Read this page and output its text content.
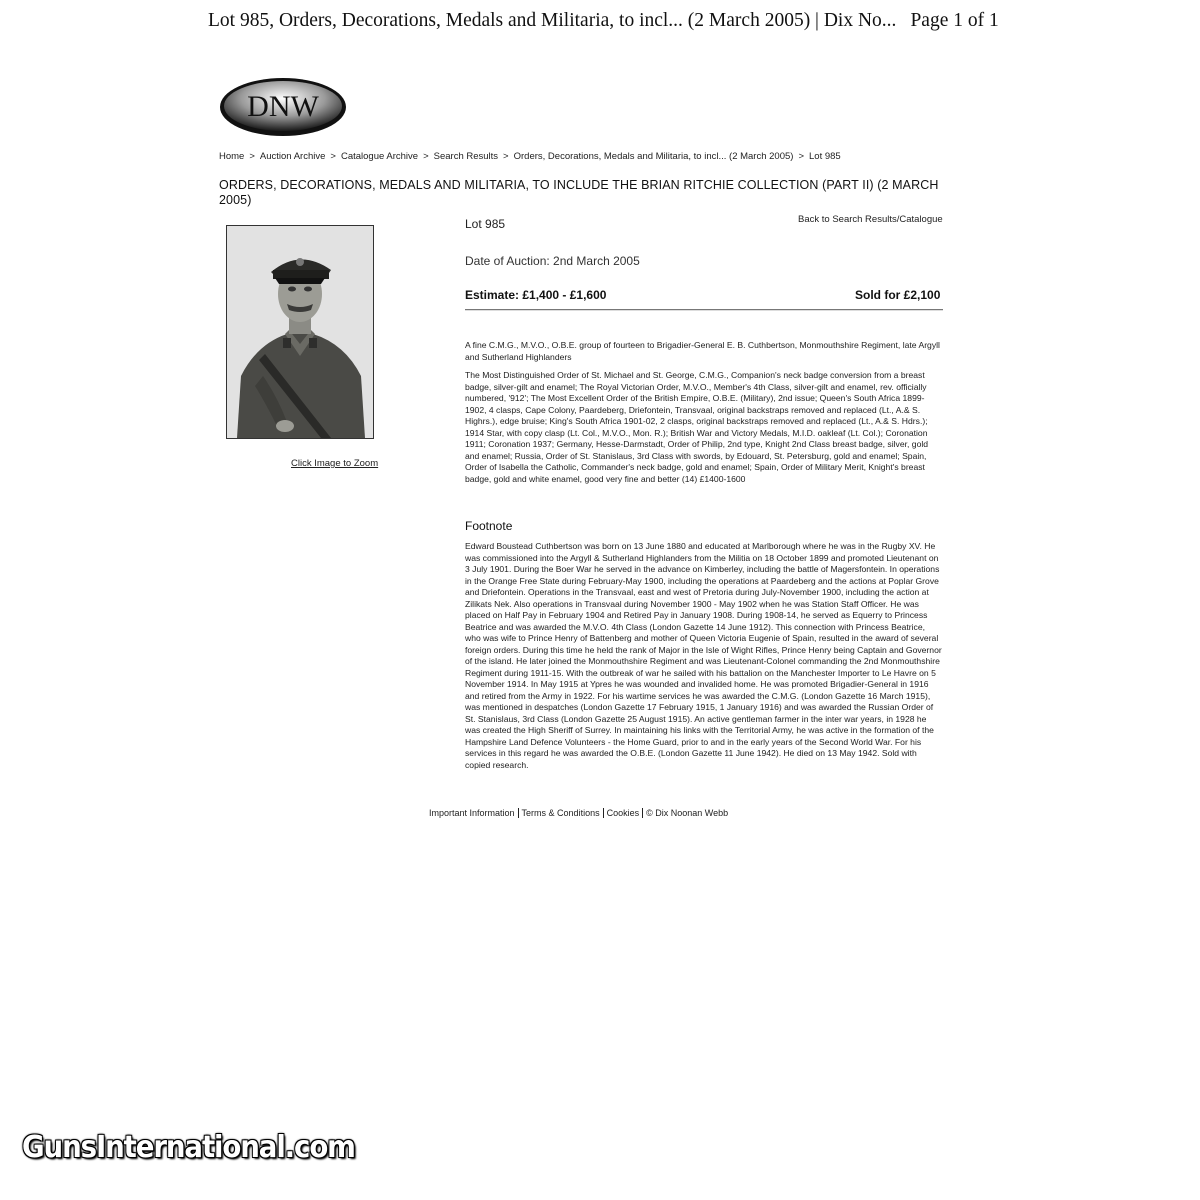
Lot 985, Orders, Decorations, Medals and Militaria, to incl... (2 March 2005) | Dix No... Page 1 of 1
DNW
Home > Auction Archive > Catalogue Archive > Search Results > Orders, Decorations, Medals and Militaria, to incl... (2 March 2005) > Lot 985
ORDERS, DECORATIONS, MEDALS AND MILITARIA, TO INCLUDE THE BRIAN RITCHIE COLLECTION (PART II) (2 MARCH 2005)
Click Image to Zoom
Lot 985	Back to Search Results/Catalogue
Date of Auction: 2nd March 2005
Estimate: £1,400 - £1,600	Sold for £2,100
A fine C.M.G., M.V.O., O.B.E. group of fourteen to Brigadier-General E. B. Cuthbertson, Monmouthshire Regiment, late Argyll and Sutherland Highlanders
The Most Distinguished Order of St. Michael and St. George, C.M.G., Companion's neck badge conversion from a breast badge, silver-gilt and enamel; The Royal Victorian Order, M.V.O., Member's 4th Class, silver-gilt and enamel, rev. officially numbered, '912'; The Most Excellent Order of the British Empire, O.B.E. (Military), 2nd issue; Queen's South Africa 1899-1902, 4 clasps, Cape Colony, Paardeberg, Driefontein, Transvaal, original backstraps removed and replaced (Lt., A.& S. Highrs.), edge bruise; King's South Africa 1901-02, 2 clasps, original backstraps removed and replaced (Lt., A.& S. Hdrs.); 1914 Star, with copy clasp (Lt. Col., M.V.O., Mon. R.); British War and Victory Medals, M.I.D. oakleaf (Lt. Col.); Coronation 1911; Coronation 1937; Germany, Hesse-Darmstadt, Order of Philip, 2nd type, Knight 2nd Class breast badge, silver, gold and enamel; Russia, Order of St. Stanislaus, 3rd Class with swords, by Edouard, St. Petersburg, gold and enamel; Spain, Order of Isabella the Catholic, Commander's neck badge, gold and enamel; Spain, Order of Military Merit, Knight's breast badge, gold and white enamel, good very fine and better (14) £1400-1600
Footnote
Edward Boustead Cuthbertson was born on 13 June 1880 and educated at Marlborough where he was in the Rugby XV. He was commissioned into the Argyll & Sutherland Highlanders from the Militia on 18 October 1899 and promoted Lieutenant on 3 July 1901. During the Boer War he served in the advance on Kimberley, including the battle of Magersfontein. In operations in the Orange Free State during February-May 1900, including the operations at Paardeberg and the actions at Poplar Grove and Driefontein. Operations in the Transvaal, east and west of Pretoria during July-November 1900, including the action at Zilikats Nek. Also operations in Transvaal during November 1900 - May 1902 when he was Station Staff Officer. He was placed on Half Pay in February 1904 and Retired Pay in January 1908. During 1908-14, he served as Equerry to Princess Beatrice and was awarded the M.V.O. 4th Class (London Gazette 14 June 1912). This connection with Princess Beatrice, who was wife to Prince Henry of Battenberg and mother of Queen Victoria Eugenie of Spain, resulted in the award of several foreign orders. During this time he held the rank of Major in the Isle of Wight Rifles, Prince Henry being Captain and Governor of the island. He later joined the Monmouthshire Regiment and was Lieutenant-Colonel commanding the 2nd Monmouthshire Regiment during 1911-15. With the outbreak of war he sailed with his battalion on the Manchester Importer to Le Havre on 5 November 1914. In May 1915 at Ypres he was wounded and invalided home. He was promoted Brigadier-General in 1916 and retired from the Army in 1922. For his wartime services he was awarded the C.M.G. (London Gazette 16 March 1915), was mentioned in despatches (London Gazette 17 February 1915, 1 January 1916) and was awarded the Russian Order of St. Stanislaus, 3rd Class (London Gazette 25 August 1915). An active gentleman farmer in the inter war years, in 1928 he was created the High Sheriff of Surrey. In maintaining his links with the Territorial Army, he was active in the formation of the Hampshire Land Defence Volunteers - the Home Guard, prior to and in the early years of the Second World War. For his services in this regard he was awarded the O.B.E. (London Gazette 11 June 1942). He died on 13 May 1942. Sold with copied research.
Important Information Terms & Conditions Cookies © Dix Noonan Webb
GunsInternational.com
